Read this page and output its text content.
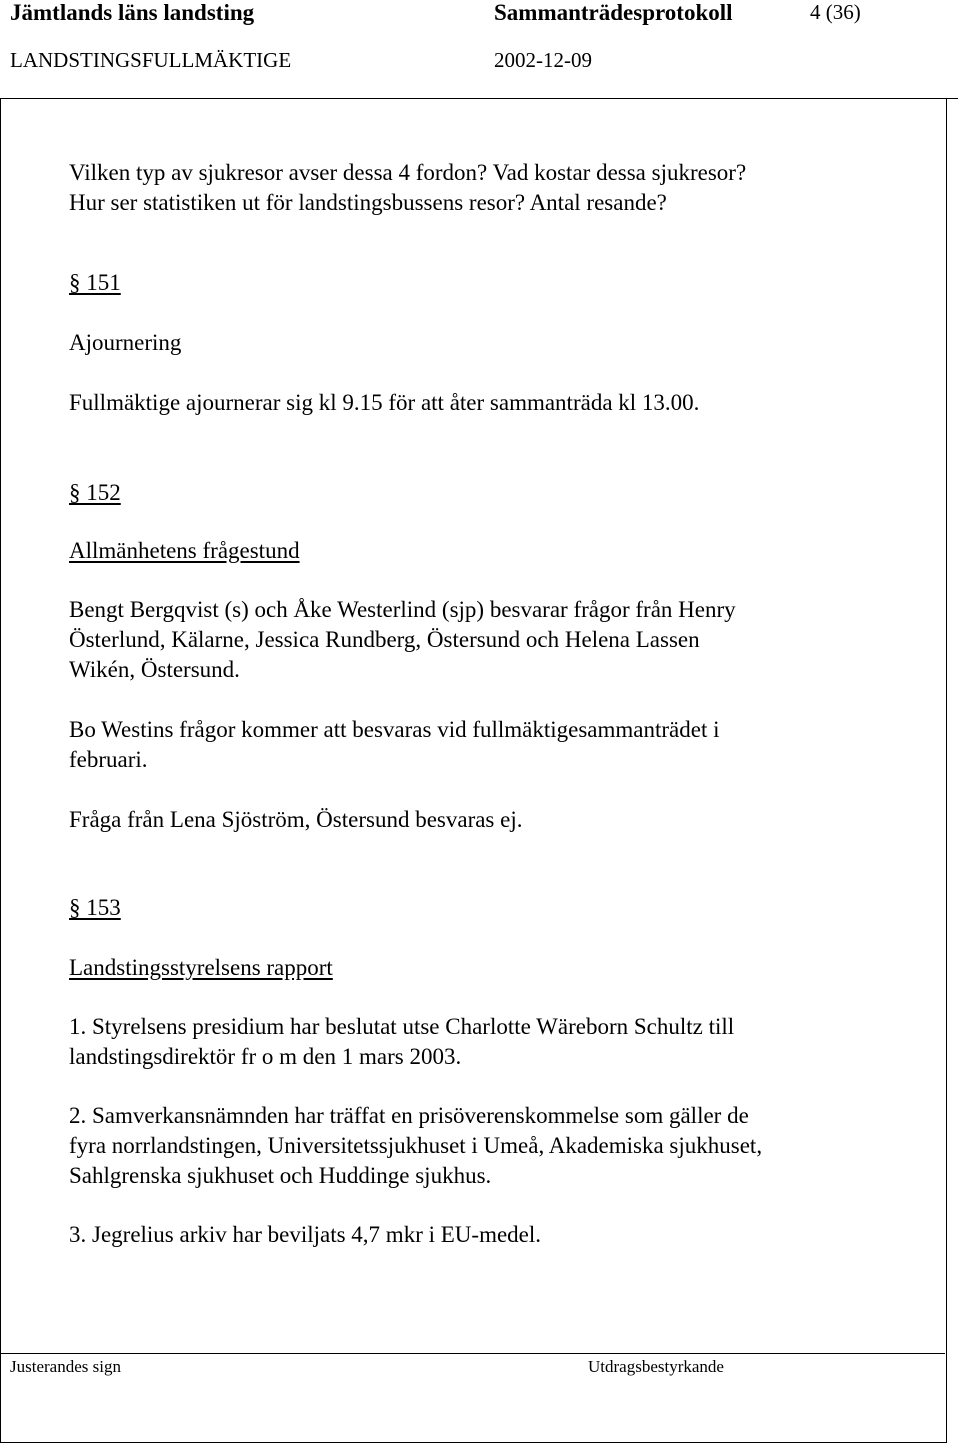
Jämtlands läns landsting	Sammanträdesprotokoll	4 (36)
LANDSTINGSFULLMÄKTIGE	2002-12-09
Vilken typ av sjukresor avser dessa 4 fordon? Vad kostar dessa sjukresor?
Hur ser statistiken ut för landstingsbussens resor? Antal resande?
§ 151
Ajournering
Fullmäktige ajournerar sig kl 9.15 för att åter sammanträda kl 13.00.
§ 152
Allmänhetens frågestund
Bengt Bergqvist (s) och Åke Westerlind (sjp) besvarar frågor från Henry
Österlund, Kälarne, Jessica Rundberg, Östersund och Helena Lassen
Wikén, Östersund.
Bo Westins frågor kommer att besvaras vid fullmäktigesammanträdet i
februari.
Fråga från Lena Sjöström, Östersund besvaras ej.
§ 153
Landstingsstyrelsens rapport
1. Styrelsens presidium har beslutat utse Charlotte Wäreborn Schultz till
landstingsdirektör fr o m den 1 mars 2003.
2. Samverkansnämnden har träffat en prisöverenskommelse som gäller de
fyra norrlandstingen, Universitetssjukhuset i Umeå, Akademiska sjukhuset,
Sahlgrenska sjukhuset och Huddinge sjukhus.
3. Jegrelius arkiv har beviljats 4,7 mkr i EU-medel.
Justerandes sign	Utdragsbestyrkande
